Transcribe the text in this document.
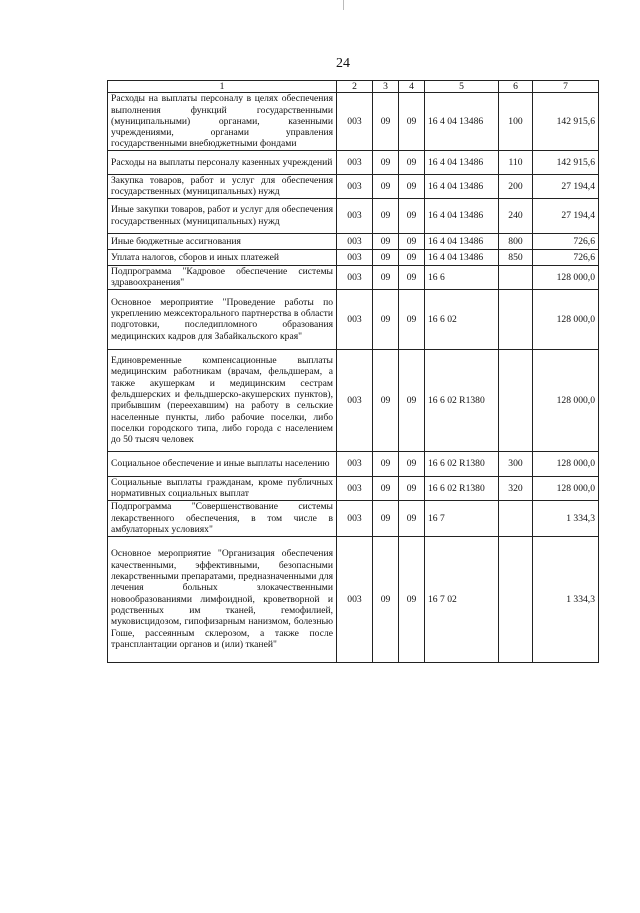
24
1	2	3	4	5	6	7
Расходы на выплаты персоналу в целях обеспечения выполнения функций государственными (муниципальными) органами, казенными учреждениями, органами управления государственными внебюджетными фондами	003	09	09	16 4 04 13486	100	142 915,6
Расходы на выплаты персоналу казенных учреждений	003	09	09	16 4 04 13486	110	142 915,6
Закупка товаров, работ и услуг для обеспечения государственных (муниципальных) нужд	003	09	09	16 4 04 13486	200	27 194,4
Иные закупки товаров, работ и услуг для обеспечения государственных (муниципальных) нужд	003	09	09	16 4 04 13486	240	27 194,4
Иные бюджетные ассигнования	003	09	09	16 4 04 13486	800	726,6
Уплата налогов, сборов и иных платежей	003	09	09	16 4 04 13486	850	726,6
Подпрограмма "Кадровое обеспечение системы здравоохранения"	003	09	09	16 6		128 000,0
Основное мероприятие "Проведение работы по укреплению межсекторального партнерства в области подготовки, последипломного образования медицинских кадров для Забайкальского края"	003	09	09	16 6 02		128 000,0
Единовременные компенсационные выплаты медицинским работникам (врачам, фельдшерам, а также акушеркам и медицинским сестрам фельдшерских и фельдшерско-акушерских пунктов), прибывшим (переехавшим) на работу в сельские населенные пункты, либо рабочие поселки, либо поселки городского типа, либо города с населением до 50 тысяч человек	003	09	09	16 6 02 R1380		128 000,0
Социальное обеспечение и иные выплаты населению	003	09	09	16 6 02 R1380	300	128 000,0
Социальные выплаты гражданам, кроме публичных нормативных социальных выплат	003	09	09	16 6 02 R1380	320	128 000,0
Подпрограмма "Совершенствование системы лекарственного обеспечения, в том числе в амбулаторных условиях"	003	09	09	16 7		1 334,3
Основное мероприятие "Организация обеспечения качественными, эффективными, безопасными лекарственными препаратами, предназначенными для лечения больных злокачественными новообразованиями лимфоидной, кроветворной и родственных им тканей, гемофилией, муковисцидозом, гипофизарным нанизмом, болезнью Гоше, рассеянным склерозом, а также после трансплантации органов и (или) тканей"	003	09	09	16 7 02		1 334,3
